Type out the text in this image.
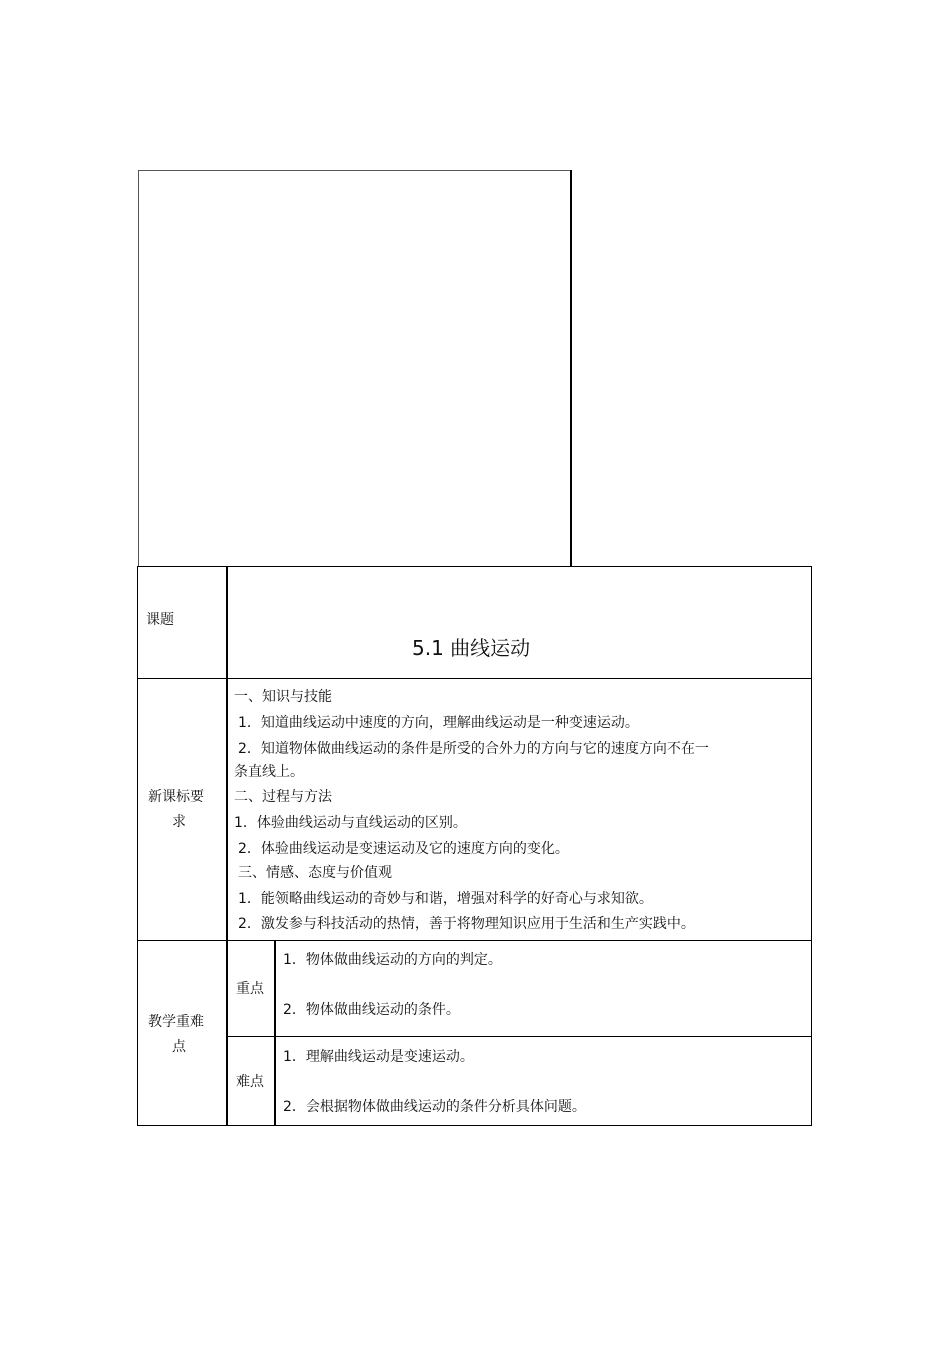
课题
5.1 曲线运动
新课标要
求
一、知识与技能
1．知道曲线运动中速度的方向，理解曲线运动是一种变速运动。
2．知道物体做曲线运动的条件是所受的合外力的方向与它的速度方向不在一
条直线上。
二、过程与方法
1．体验曲线运动与直线运动的区别。
2．体验曲线运动是变速运动及它的速度方向的变化。
三、情感、态度与价值观
1．能领略曲线运动的奇妙与和谐，增强对科学的好奇心与求知欲。
2．激发参与科技活动的热情，善于将物理知识应用于生活和生产实践中。
教学重难
点
重点
1．物体做曲线运动的方向的判定。
2．物体做曲线运动的条件。
难点
1．理解曲线运动是变速运动。
2．会根据物体做曲线运动的条件分析具体问题。
